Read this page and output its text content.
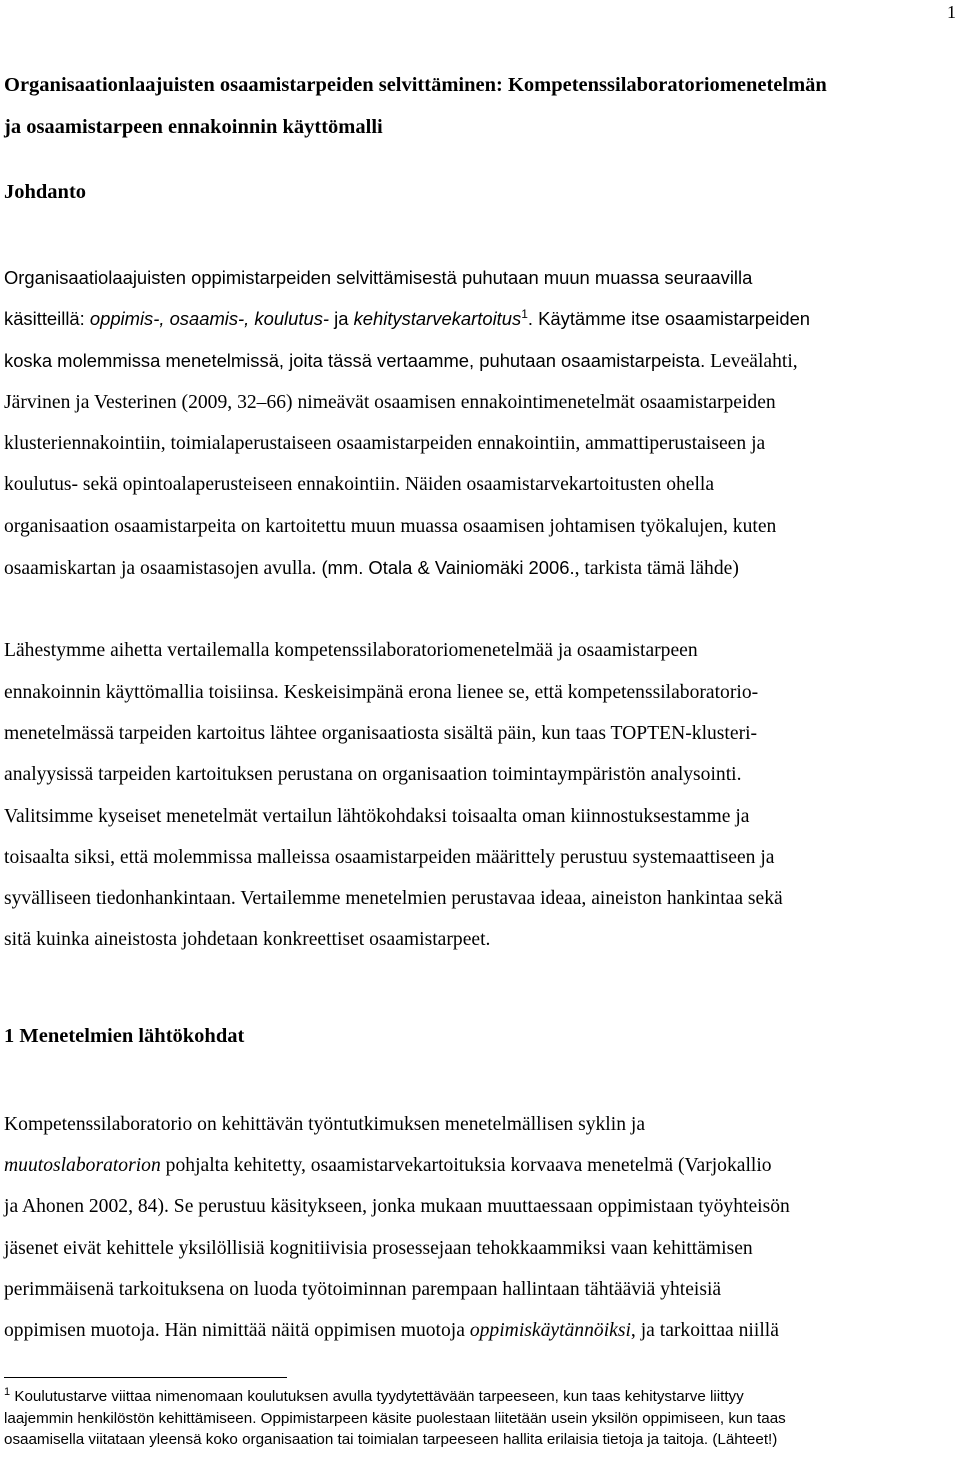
1
Organisaationlaajuisten osaamistarpeiden selvittäminen: Kompetenssilaboratoriomenetelmän
ja osaamistarpeen ennakoinnin käyttömalli
Johdanto
Organisaatiolaajuisten oppimistarpeiden selvittämisestä puhutaan muun muassa seuraavilla
käsitteillä: oppimis-, osaamis-, koulutus- ja kehitystarvekartoitus$^1$. Käytämme itse osaamistarpeiden
koska molemmissa menetelmissä, joita tässä vertaamme, puhutaan osaamistarpeista. Leveälahti,
Järvinen ja Vesterinen (2009, 32–66) nimeävät osaamisen ennakointimenetelmät osaamistarpeiden
klusteriennakointiin, toimialaperustaiseen osaamistarpeiden ennakointiin, ammattiperustaiseen ja
koulutus- sekä opintoalaperusteiseen ennakointiin. Näiden osaamistarvekartoitusten ohella
organisaation osaamistarpeita on kartoitettu muun muassa osaamisen johtamisen työkalujen, kuten
osaamiskartan ja osaamistasojen avulla. (mm. Otala & Vainiomäki 2006., tarkista tämä lähde)
Lähestymme aihetta vertailemalla kompetenssilaboratoriomenetelmää ja osaamistarpeen
ennakoinnin käyttömallia toisiinsa. Keskeisimpänä erona lienee se, että kompetenssilaboratorio-
menetelmässä tarpeiden kartoitus lähtee organisaatiosta sisältä päin, kun taas TOPTEN-klusteri-
analyysissä tarpeiden kartoituksen perustana on organisaation toimintaympäristön analysointi.
Valitsimme kyseiset menetelmät vertailun lähtökohdaksi toisaalta oman kiinnostuksestamme ja
toisaalta siksi, että molemmissa malleissa osaamistarpeiden määrittely perustuu systemaattiseen ja
syvälliseen tiedonhankintaan. Vertailemme menetelmien perustavaa ideaa, aineiston hankintaa sekä
sitä kuinka aineistosta johdetaan konkreettiset osaamistarpeet.
1 Menetelmien lähtökohdat
Kompetenssilaboratorio on kehittävän työntutkimuksen menetelmällisen syklin ja
muutoslaboratorion pohjalta kehitetty, osaamistarvekartoituksia korvaava menetelmä (Varjokallio
ja Ahonen 2002, 84). Se perustuu käsitykseen, jonka mukaan muuttaessaan oppimistaan työyhteisön
jäsenet eivät kehittele yksilöllisiä kognitiivisia prosessejaan tehokkaammiksi vaan kehittämisen
perimmäisenä tarkoituksena on luoda työtoiminnan parempaan hallintaan tähtääviä yhteisiä
oppimisen muotoja. Hän nimittää näitä oppimisen muotoja oppimiskäytännöiksi, ja tarkoittaa niillä
$^1$ Koulutustarve viittaa nimenomaan koulutuksen avulla tyydytettävään tarpeeseen, kun taas kehitystarve liittyy
laajemmin henkilöstön kehittämiseen. Oppimistarpeen käsite puolestaan liitetään usein yksilön oppimiseen, kun taas
osaamisella viitataan yleensä koko organisaation tai toimialan tarpeeseen hallita erilaisia tietoja ja taitoja. (Lähteet!)
